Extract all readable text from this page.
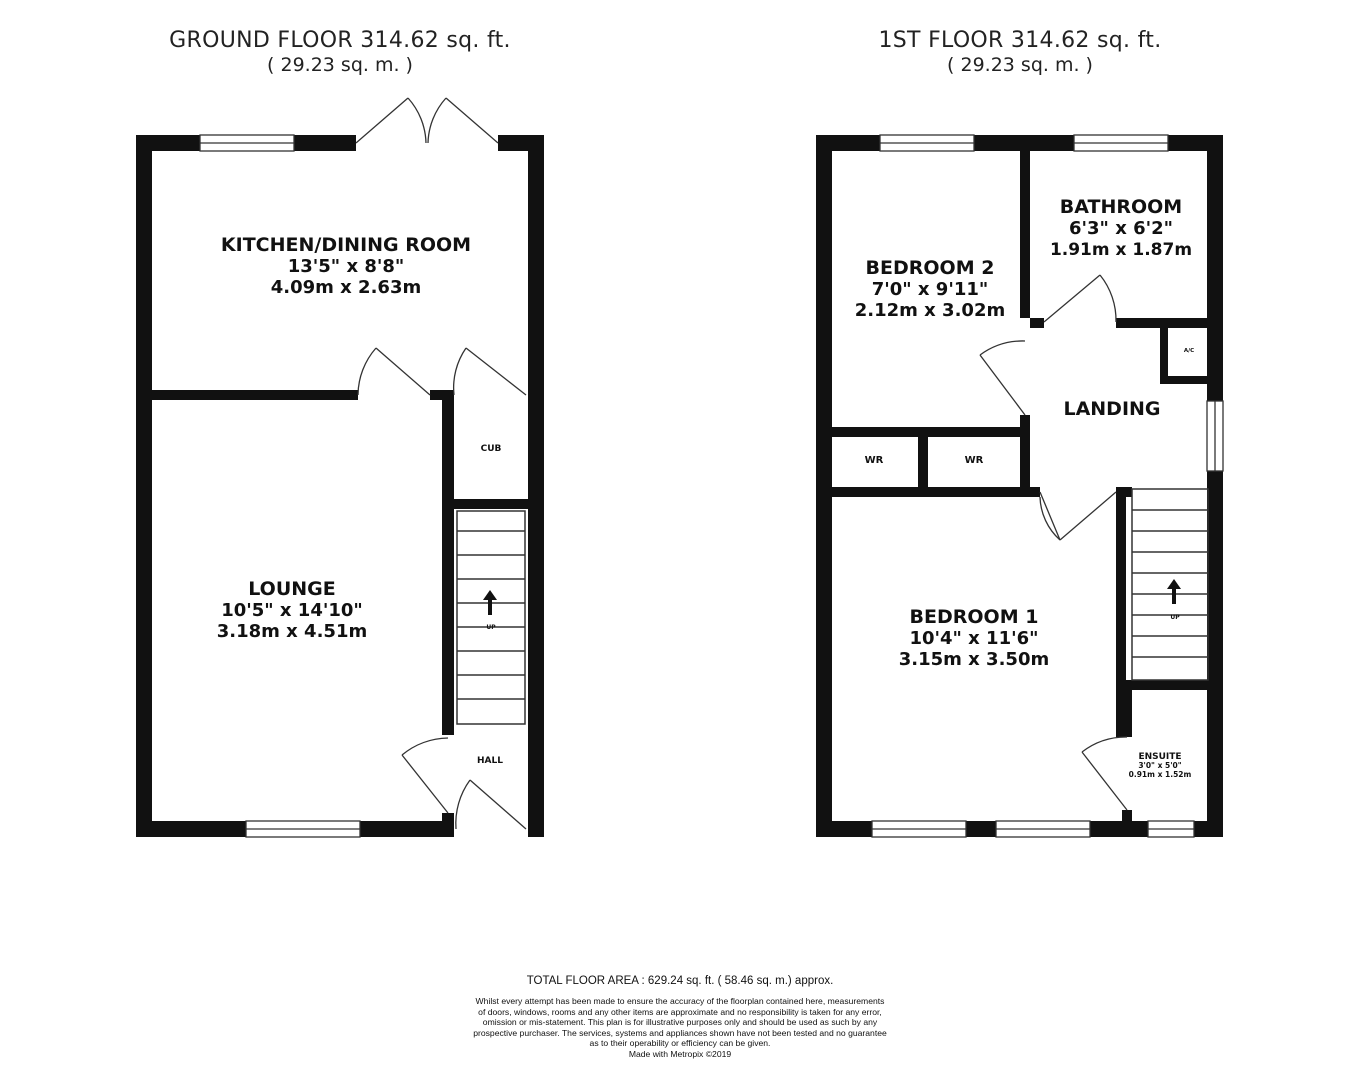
GROUND FLOOR 314.62 sq. ft.
( 29.23 sq. m. )
1ST FLOOR 314.62 sq. ft.
( 29.23 sq. m. )
UP
KITCHEN/DINING ROOM
13'5" x 8'8"
4.09m x 2.63m
LOUNGE
10'5" x 14'10"
3.18m x 4.51m
CUB
HALL
UP
BEDROOM 2
7'0" x 9'11"
2.12m x 3.02m
BATHROOM
6'3" x 6'2"
1.91m x 1.87m
LANDING
A/C
WR	WR
BEDROOM 1
10'4" x 11'6"
3.15m x 3.50m
ENSUITE
3'0" x 5'0"
0.91m x 1.52m
TOTAL FLOOR AREA : 629.24 sq. ft. ( 58.46 sq. m.) approx.
Whilst every attempt has been made to ensure the accuracy of the floorplan contained here, measurements
of doors, windows, rooms and any other items are approximate and no responsibility is taken for any error,
omission or mis-statement. This plan is for illustrative purposes only and should be used as such by any
prospective purchaser. The services, systems and appliances shown have not been tested and no guarantee
as to their operability or efficiency can be given.
Made with Metropix ©2019
